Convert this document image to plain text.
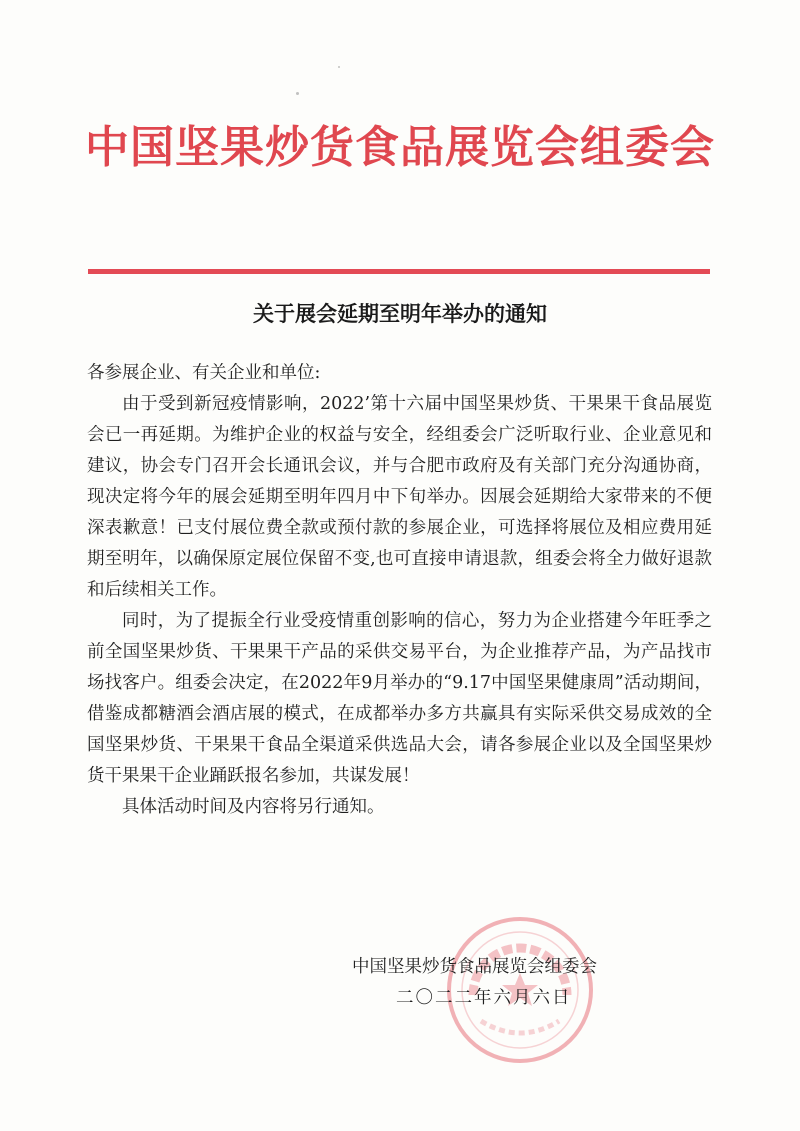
中国坚果炒货食品展览会组委会
关于展会延期至明年举办的通知

各参展企业、有关企业和单位:

由于受到新冠疫情影响，2022’第十六届中国坚果炒货、干果果干食品展览会已一再延期。为维护企业的权益与安全，经组委会广泛听取行业、企业意见和建议，协会专门召开会长通讯会议，并与合肥市政府及有关部门充分沟通协商，现决定将今年的展会延期至明年四月中下旬举办。因展会延期给大家带来的不便深表歉意！已支付展位费全款或预付款的参展企业，可选择将展位及相应费用延期至明年，以确保原定展位保留不变,也可直接申请退款，组委会将全力做好退款和后续相关工作。

同时，为了提振全行业受疫情重创影响的信心，努力为企业搭建今年旺季之前全国坚果炒货、干果果干产品的采供交易平台，为企业推荐产品，为产品找市场找客户。组委会决定，在2022年9月举办的“9.17中国坚果健康周”活动期间，借鉴成都糖酒会酒店展的模式，在成都举办多方共赢具有实际采供交易成效的全国坚果炒货、干果果干食品全渠道采供选品大会，请各参展企业以及全国坚果炒货干果果干企业踊跃报名参加，共谋发展！

具体活动时间及内容将另行通知。

中国坚果炒货食品展览会组委会
二〇二二年六月六日
